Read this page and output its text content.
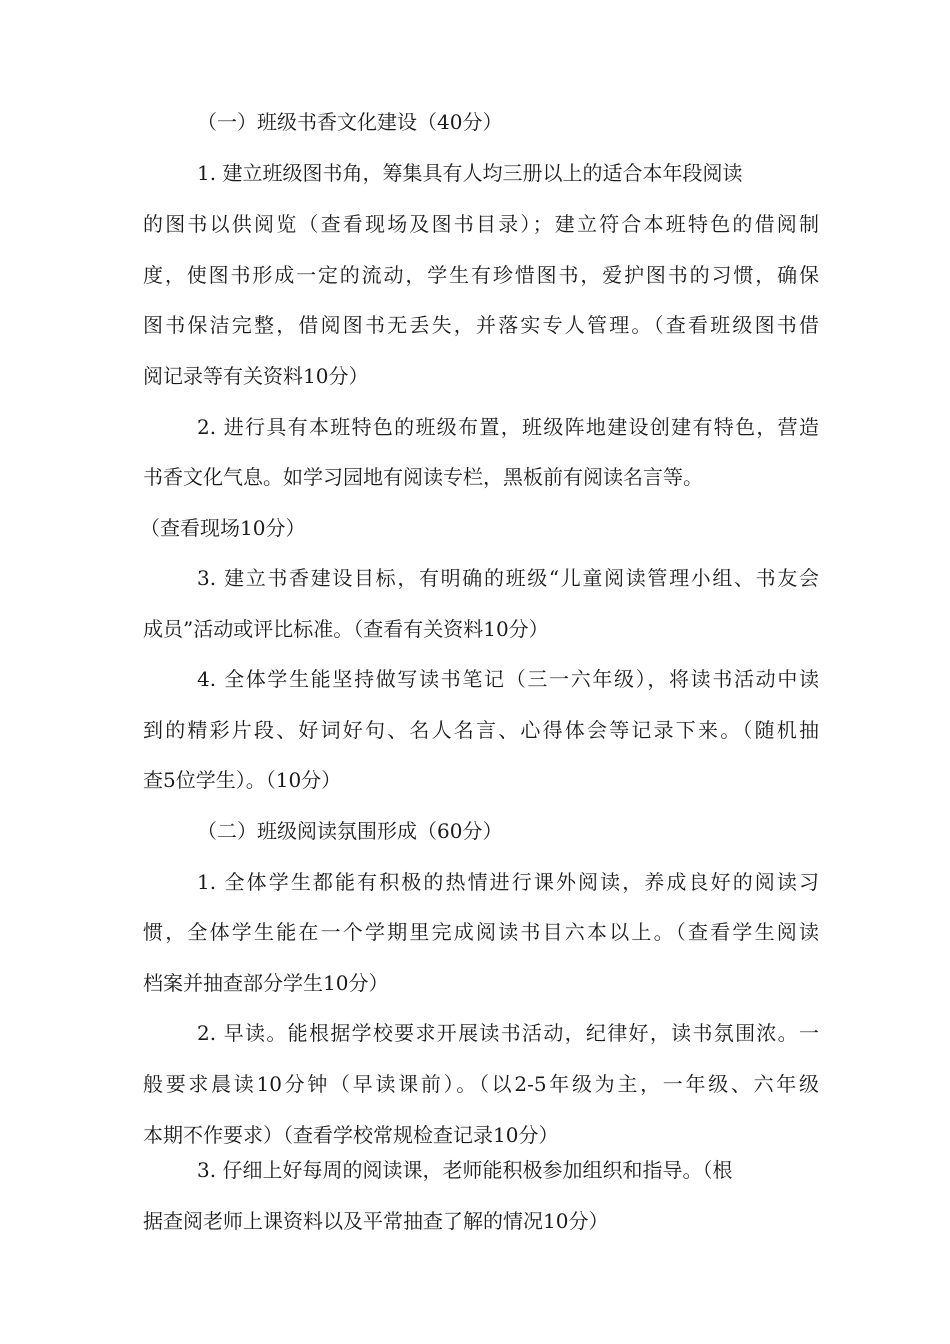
（一）班级书香文化建设（40分）
1. 建立班级图书角，筹集具有人均三册以上的适合本年段阅读
的图书以供阅览（查看现场及图书目录）；建立符合本班特色的借阅制
度，使图书形成一定的流动，学生有珍惜图书，爱护图书的习惯，确保
图书保洁完整，借阅图书无丢失，并落实专人管理。（查看班级图书借
阅记录等有关资料10分）
2. 进行具有本班特色的班级布置，班级阵地建设创建有特色，营造
书香文化气息。如学习园地有阅读专栏，黑板前有阅读名言等。
（查看现场10分）
3. 建立书香建设目标，有明确的班级“儿童阅读管理小组、书友会
成员”活动或评比标准。（查看有关资料10分）
4. 全体学生能坚持做写读书笔记（三一六年级），将读书活动中读
到的精彩片段、好词好句、名人名言、心得体会等记录下来。（随机抽
查5位学生）。（10分）
（二）班级阅读氛围形成（60分）
1. 全体学生都能有积极的热情进行课外阅读，养成良好的阅读习
惯，全体学生能在一个学期里完成阅读书目六本以上。（查看学生阅读
档案并抽查部分学生10分）
2. 早读。能根据学校要求开展读书活动，纪律好，读书氛围浓。一
般要求晨读10分钟（早读课前）。（以2-5年级为主，一年级、六年级
本期不作要求）（查看学校常规检查记录10分）
3. 仔细上好每周的阅读课，老师能积极参加组织和指导。（根
据查阅老师上课资料以及平常抽查了解的情况10分）
